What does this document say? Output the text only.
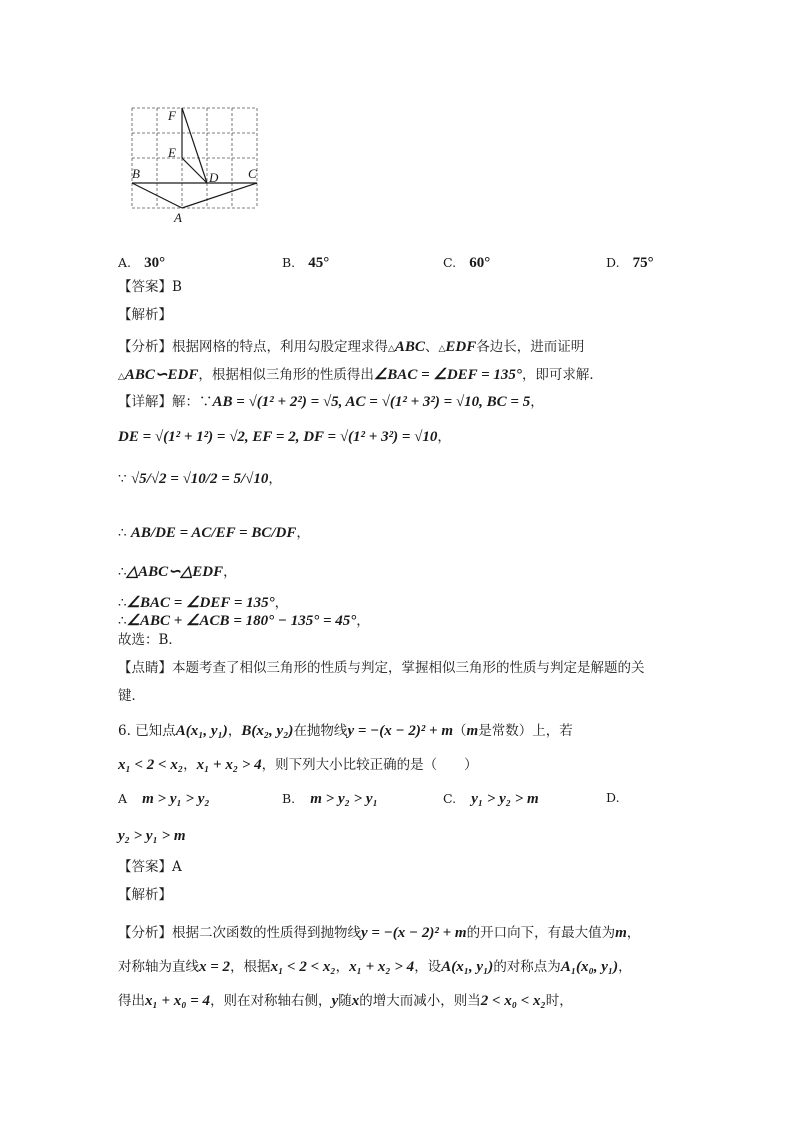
F
E
B	D C
A
A. 30°	B. 45°	C. 60°	D. 75°
【答案】B
【解析】
【分析】根据网格的特点，利用勾股定理求得△ABC、△EDF各边长，进而证明
△ABC∽EDF，根据相似三角形的性质得出∠BAC = ∠DEF = 135°，即可求解．
【详解】解：∵AB = √(1² + 2²) = √5, AC = √(1² + 3²) = √10, BC = 5，
DE = √(1² + 1²) = √2, EF = 2, DF = √(1² + 3²) = √10，
∵ √5/√2 = √10/2 = 5/√10，
∴ AB/DE = AC/EF = BC/DF，
∴△ABC∽△EDF，
∴∠BAC = ∠DEF = 135°，
∴∠ABC + ∠ACB = 180° − 135° = 45°，
故选：B．
【点睛】本题考查了相似三角形的性质与判定，掌握相似三角形的性质与判定是解题的关
键．
6. 已知点A(x₁, y₁)，B(x₂, y₂)在抛物线y = −(x − 2)² + m（m是常数）上，若
x₁ < 2 < x₂，x₁ + x₂ > 4，则下列大小比较正确的是（　　）
A m > y₁ > y₂	B. m > y₂ > y₁	C. y₁ > y₂ > m	D.
y₂ > y₁ > m
【答案】A
【解析】
【分析】根据二次函数的性质得到抛物线y = −(x − 2)² + m的开口向下，有最大值为m，
对称轴为直线x = 2，根据x₁ < 2 < x₂，x₁ + x₂ > 4，设A(x₁, y₁)的对称点为A₁(x₀, y₁)，
得出x₁ + x₀ = 4，则在对称轴右侧，y随x的增大而减小，则当2 < x₀ < x₂时，
